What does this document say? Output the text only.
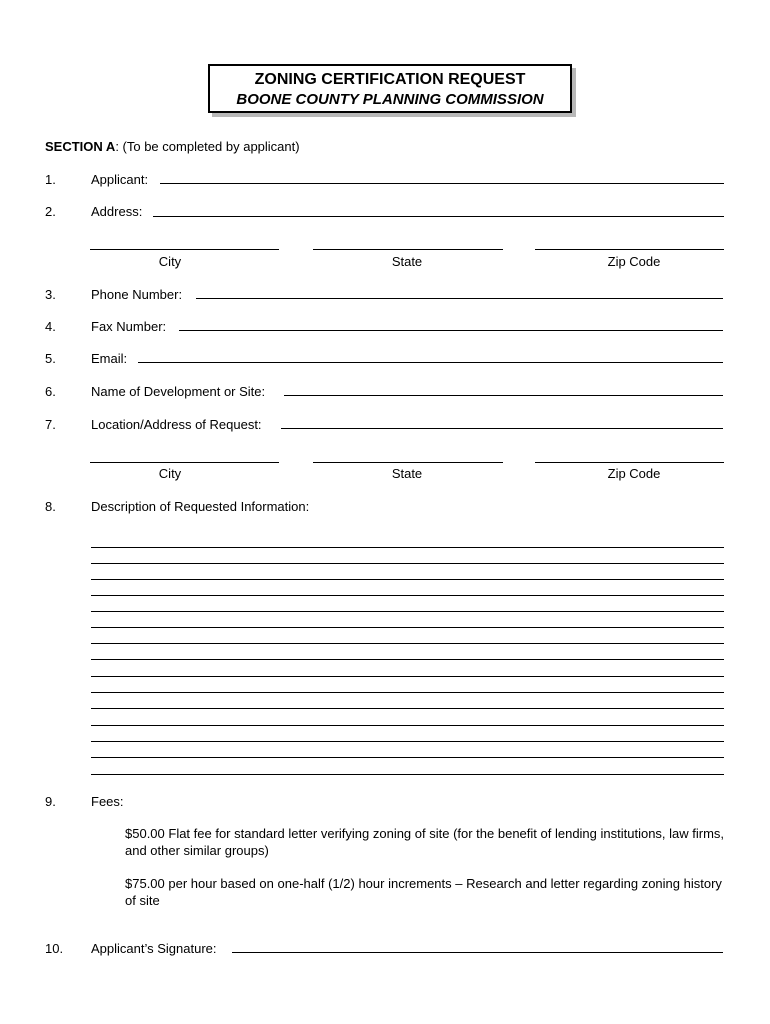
ZONING CERTIFICATION REQUEST
BOONE COUNTY PLANNING COMMISSION
SECTION A: (To be completed by applicant)
1.	Applicant:
2.	Address:
City	State	Zip Code
3.	Phone Number:
4.	Fax Number:
5.	Email:
6.	Name of Development or Site:
7.	Location/Address of Request:
City	State	Zip Code
8.	Description of Requested Information:
9.	Fees:
$50.00 Flat fee for standard letter verifying zoning of site (for the benefit of lending institutions, law firms, and other similar groups)
$75.00 per hour based on one-half (1/2) hour increments – Research and letter regarding zoning history of site
10. Applicant’s Signature:
